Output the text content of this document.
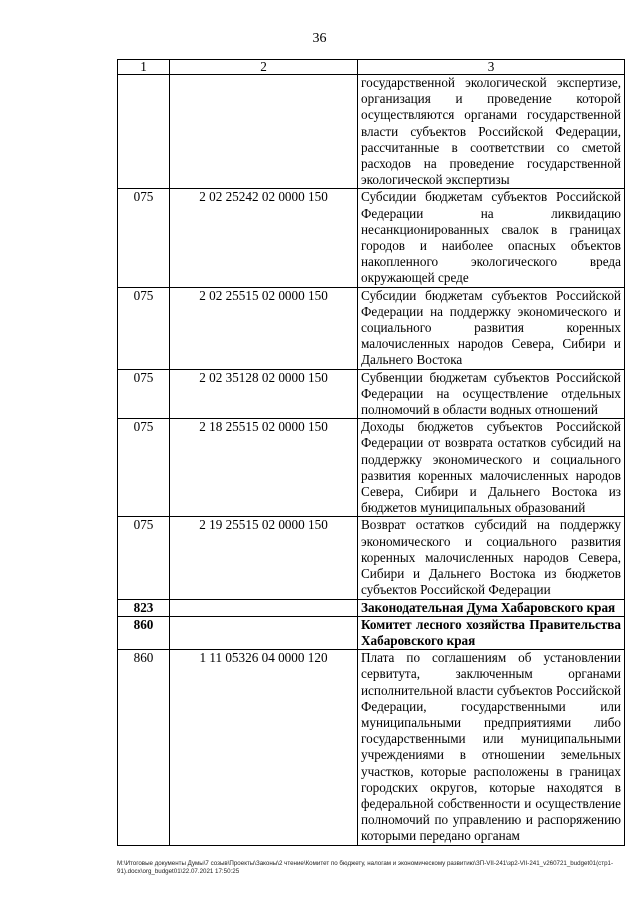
36
1	2	3
		государственной экологической экспертизе, организация и проведение которой осуществляются органами государственной власти субъектов Российской Федерации, рассчитанные в соответствии со сметой расходов на проведение государственной экологической экспертизы
075	2 02 25242 02 0000 150	Субсидии бюджетам субъектов Российской Федерации на ликвидацию несанкционированных свалок в границах городов и наиболее опасных объектов накопленного экологического вреда окружающей среде
075	2 02 25515 02 0000 150	Субсидии бюджетам субъектов Российской Федерации на поддержку экономического и социального развития коренных малочисленных народов Севера, Сибири и Дальнего Востока
075	2 02 35128 02 0000 150	Субвенции бюджетам субъектов Российской Федерации на осуществление отдельных полномочий в области водных отношений
075	2 18 25515 02 0000 150	Доходы бюджетов субъектов Российской Федерации от возврата остатков субсидий на поддержку экономического и социального развития коренных малочисленных народов Севера, Сибири и Дальнего Востока из бюджетов муниципальных образований
075	2 19 25515 02 0000 150	Возврат остатков субсидий на поддержку экономического и социального развития коренных малочисленных народов Севера, Сибири и Дальнего Востока из бюджетов субъектов Российской Федерации
823		Законодательная Дума Хабаровского края
860		Комитет лесного хозяйства Правительства Хабаровского края
860	1 11 05326 04 0000 120	Плата по соглашениям об установлении сервитута, заключенным органами исполнительной власти субъектов Российской Федерации, государственными или муниципальными предприятиями либо государственными или муниципальными учреждениями в отношении земельных участков, которые расположены в границах городских округов, которые находятся в федеральной собственности и осуществление полномочий по управлению и распоряжению которыми передано органам
M:\Итоговые документы Думы\7 созыв\Проекты\Законы\2 чтение\Комитет по бюджету, налогам и экономическому развитию\ЗП-VII-241\зр2-VII-241_v260721_budget01(стр1-91).docx\org_budget01\22.07.2021 17:50:25
